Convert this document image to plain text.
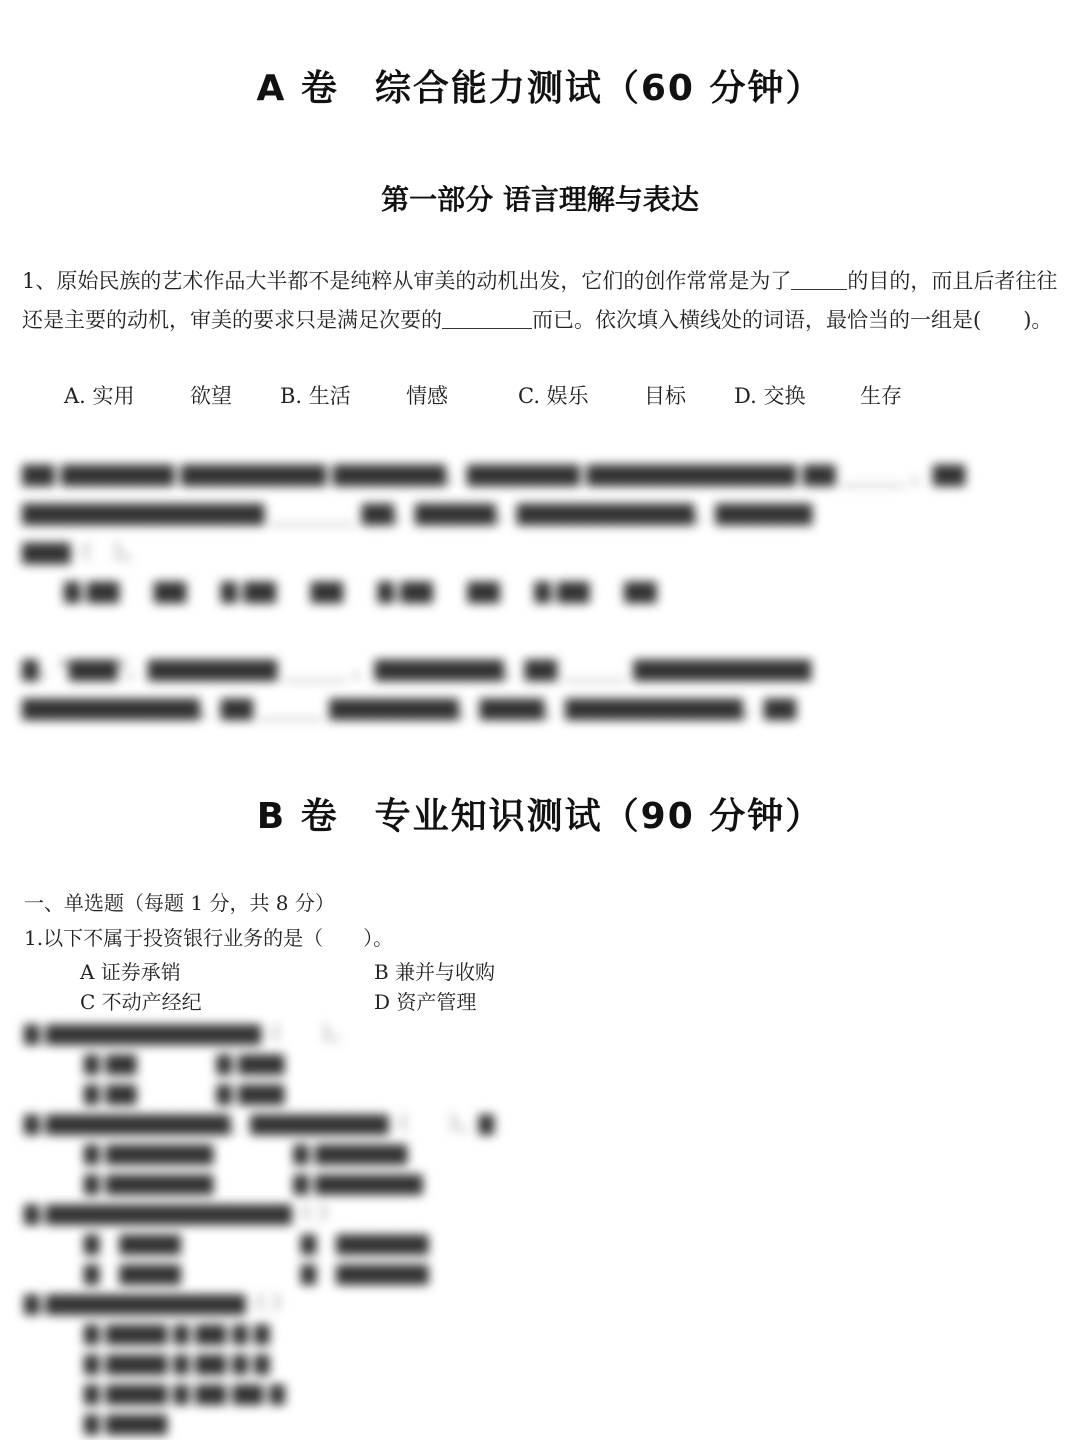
A 卷 综合能力测试（60 分钟）
第一部分 语言理解与表达
1、原始民族的艺术作品大半都不是纯粹从审美的动机出发，它们的创作常常是为了	的目的，而且后者往往还是主要的动机，审美的要求只是满足次要的	而已。依次填入横线处的词语，最恰当的一组是(　　)。
A. 实用	欲望 B. 生活	情感	C. 娱乐	目标 D. 交换	生存
▇▇ ▇▇▇▇▇▇▇ ▇▇▇▇▇▇▇▇▇ ▇▇▇▇▇▇▇，▇▇▇▇▇▇▇ ▇▇▇▇▇▇▇▇▇▇▇▇▇ ▇▇ ______ ，▇▇
▇▇▇▇▇▇▇▇▇▇▇▇▇▇▇ ________ ▇▇，▇▇▇▇▇，▇▇▇▇▇▇▇▇▇▇▇，▇▇▇▇▇▇
▇▇▇（　）。
▇.▇▇ ▇▇ ▇.▇▇ ▇▇ ▇.▇▇ ▇▇ ▇.▇▇ ▇▇
▇、"▇▇▇"，▇▇▇▇▇▇▇▇ ______ ，▇▇▇▇▇▇▇▇，▇▇ ______ ▇▇▇▇▇▇▇▇▇▇▇
▇▇▇▇▇▇▇▇▇▇▇，▇▇ ______ ▇▇▇▇▇▇▇▇，▇▇▇▇，▇▇▇▇▇▇▇▇▇▇▇，▇▇
B 卷 专业知识测试（90 分钟）
一、单选题（每题 1 分，共 8 分）
1.以下不属于投资银行业务的是（　　）。
A 证券承销	B 兼并与收购
C 不动产经纪	D 资产管理
▇.▇▇▇▇▇▇▇▇▇▇▇▇▇▇（　　）。
▇ ▇▇　　　　▇ ▇▇▇
▇ ▇▇　　　　▇ ▇▇▇
▇.▇▇▇▇▇▇▇▇▇▇▇▇，▇▇▇▇▇▇▇▇▇（　　）。▇
▇ ▇▇▇▇▇▇▇　　　　▇ ▇▇▇▇▇▇
▇ ▇▇▇▇▇▇▇　　　　▇ ▇▇▇▇▇▇▇
▇.▇▇▇▇▇▇▇▇▇▇▇▇▇▇▇▇（ ）
▇　▇▇▇▇　　　　　　▇　▇▇▇▇▇▇
▇　▇▇▇▇　　　　　　▇　▇▇▇▇▇▇
▇.▇▇▇▇▇▇▇▇▇▇▇▇▇（ ）
▇ ▇▇▇▇ ▇ ▇▇ ▇ ▇
▇ ▇▇▇▇ ▇ ▇▇ ▇ ▇
▇ ▇▇▇▇ ▇ ▇▇ ▇▇ ▇
▇ ▇▇▇▇
